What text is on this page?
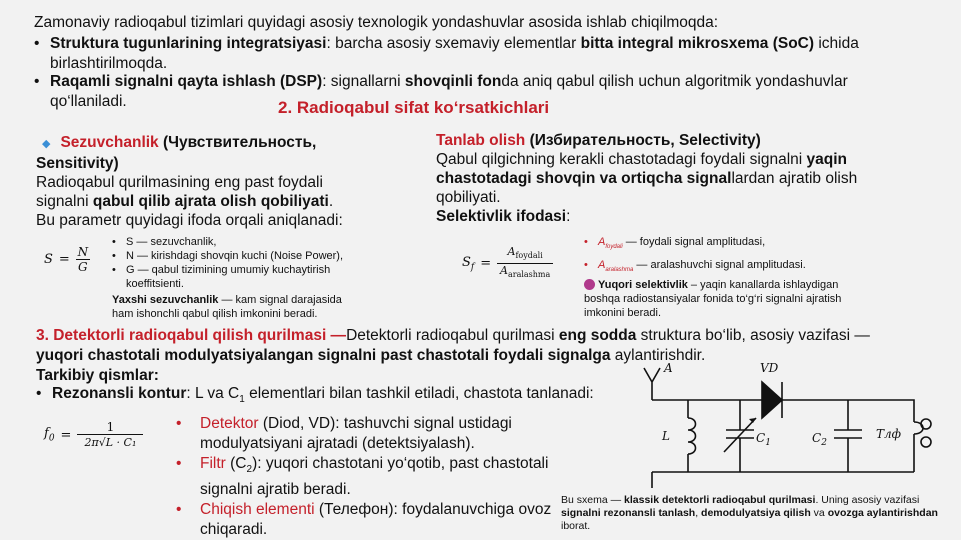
Zamonaviy radioqabul tizimlari quyidagi asosiy texnologik yondashuvlar asosida ishlab chiqilmoqda:
• Struktura tugunlarining integratsiyasi: barcha asosiy sxemaviy elementlar bitta integral mikrosxema (SoC) ichida
birlashtirilmoqda.
• Raqamli signalni qayta ishlash (DSP): signallarni shovqinli fonda aniq qabul qilish uchun algoritmik yondashuvlar
qo‘llaniladi.	2. Radioqabul sifat ko‘rsatkichlari
◆ Sezuvchanlik (Чувствительность,
Sensitivity)
Radioqabul qurilmasining eng past foydali
signalni qabul qilib ajrata olish qobiliyati.
Bu parametr quyidagi ifoda orqali aniqlanadi:
S = N
G
• S — sezuvchanlik,
• N — kirishdagi shovqin kuchi (Noise Power),
• G — qabul tizimining umumiy kuchaytirish
koeffitsienti.
Yaxshi sezuvchanlik — kam signal darajasida
ham ishonchli qabul qilish imkonini beradi.
Tanlab olish (Избирательность, Selectivity)
Qabul qilgichning kerakli chastotadagi foydali signalni yaqin
chastotadagi shovqin va ortiqcha signallardan ajratib olish
qobiliyati.
Selektivlik ifodasi:
$S_f$ =
$A_{foydali}$
$A_{aralashma}$
• $A_{foydali}$ — foydali signal amplitudasi,
• $A_{aralashma}$ — aralashuvchi signal amplitudasi.
Yuqori selektivlik – yaqin kanallarda ishlaydigan
boshqa radiostansiyalar fonida to‘g‘ri signalni ajratish
imkonini beradi.
3. Detektorli radioqabul qilish qurilmasi —Detektorli radioqabul qurilmasi eng sodda struktura bo‘lib, asosiy vazifasi —
yuqori chastotali modulyatsiyalangan signalni past chastotali foydali signalga aylantirishdir.
Tarkibiy qismlar:
• Rezonansli kontur: L va $C_1$ elementlari bilan tashkil etiladi, chastota tanlanadi:
$f_0$ =
1
2π√L · C₁
• Detektor (Diod, VD): tashuvchi signal ustidagi
modulyatsiyani ajratadi (detektsiyalash).
• Filtr $(C_2)$: yuqori chastotani yo‘qotib, past chastotali
signalni ajratib beradi.
• Chiqish elementi (Телефон): foydalanuvchiga ovoz
chiqaradi.
Bu sxema — klassik detektorli radioqabul qurilmasi. Uning asosiy vazifasi
signalni rezonansli tanlash, demodulyatsiya qilish va ovozga aylantirishdan
iborat.
A	VD
L	$C_1$	$C_2$
Тлф
